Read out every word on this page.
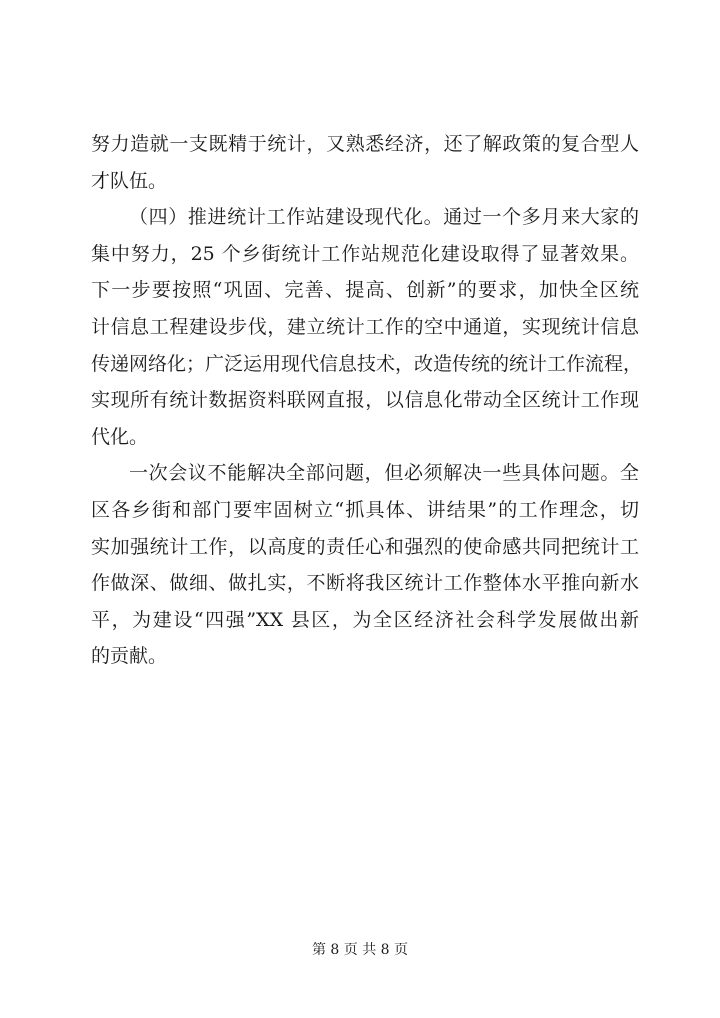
努力造就一支既精于统计，又熟悉经济，还了解政策的复合型人
才队伍。
（四）推进统计工作站建设现代化。通过一个多月来大家的
集中努力，25 个乡街统计工作站规范化建设取得了显著效果。
下一步要按照“巩固、完善、提高、创新”的要求，加快全区统
计信息工程建设步伐，建立统计工作的空中通道，实现统计信息
传递网络化；广泛运用现代信息技术，改造传统的统计工作流程，
实现所有统计数据资料联网直报，以信息化带动全区统计工作现
代化。
一次会议不能解决全部问题，但必须解决一些具体问题。全
区各乡街和部门要牢固树立“抓具体、讲结果”的工作理念，切
实加强统计工作，以高度的责任心和强烈的使命感共同把统计工
作做深、做细、做扎实，不断将我区统计工作整体水平推向新水
平，为建设“四强”XX 县区，为全区经济社会科学发展做出新
的贡献。
第 8 页 共 8 页
